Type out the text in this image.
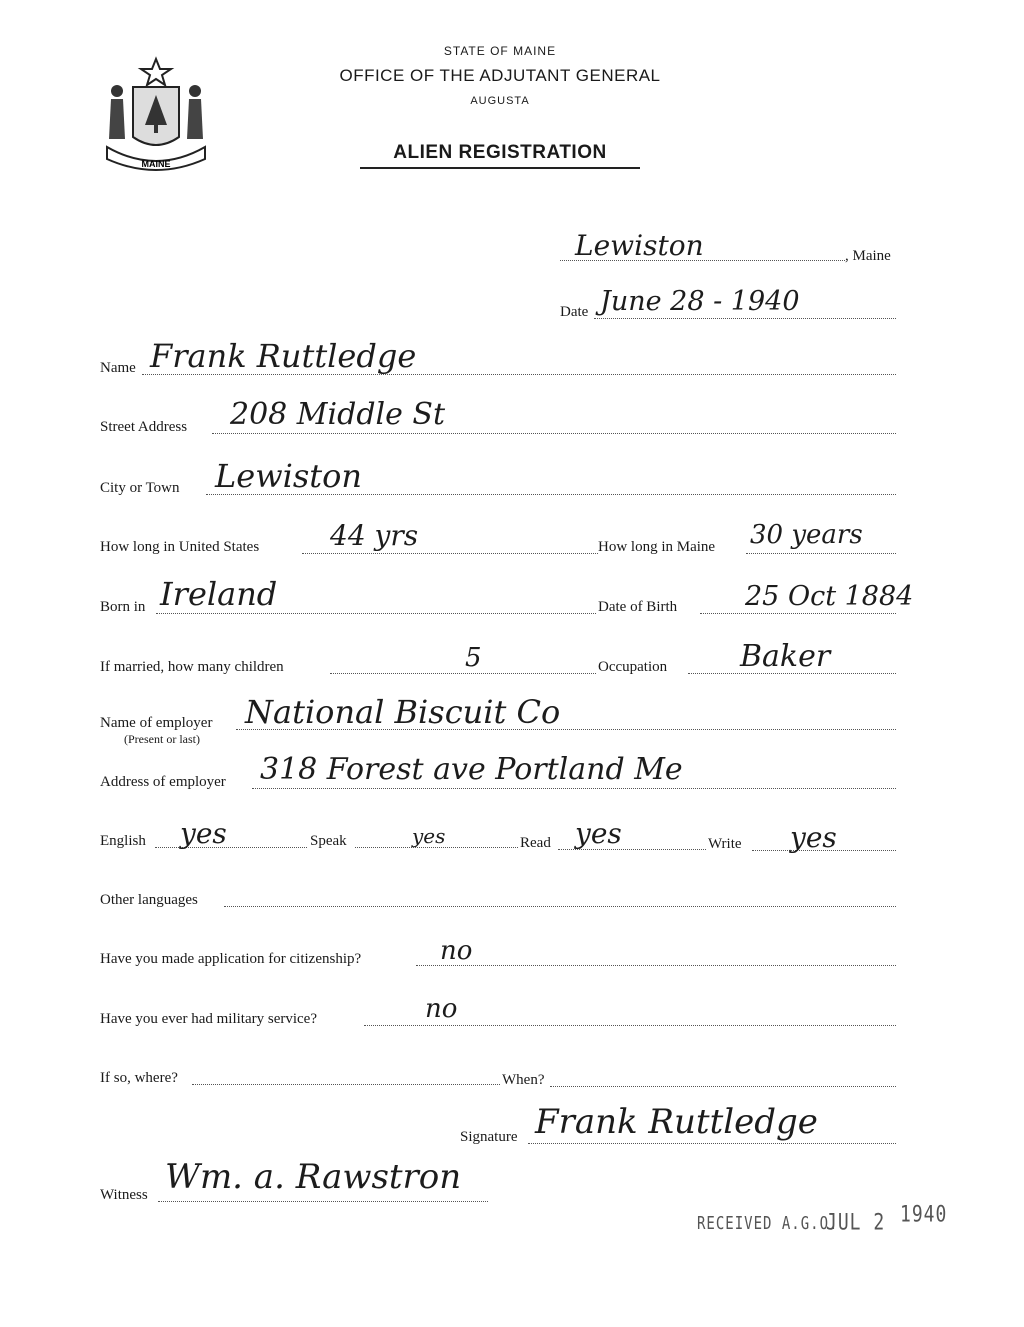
MAINE
STATE OF MAINE
OFFICE OF THE ADJUTANT GENERAL
AUGUSTA
ALIEN REGISTRATION
Lewiston	, Maine
Date June 28 - 1940
Name Frank Ruttledge
Street Address 208 Middle St
City or Town Lewiston
How long in United States	44 yrs	How long in Maine 30 years
Born in Ireland	Date of Birth	25 Oct 1884
If married, how many children	5	Occupation Baker
Name of employer
(Present or last)
National Biscuit Co
Address of employer 318 Forest ave Portland Me
English yes	Speak	yes	Read yes	Write yes
Other languages
Have you made application for citizenship?	no
Have you ever had military service?	no
If so, where?	When?
Signature Frank Ruttledge
Witness Wm. a. Rawstron
RECEIVED A.G.O.
JUL 2 1940
